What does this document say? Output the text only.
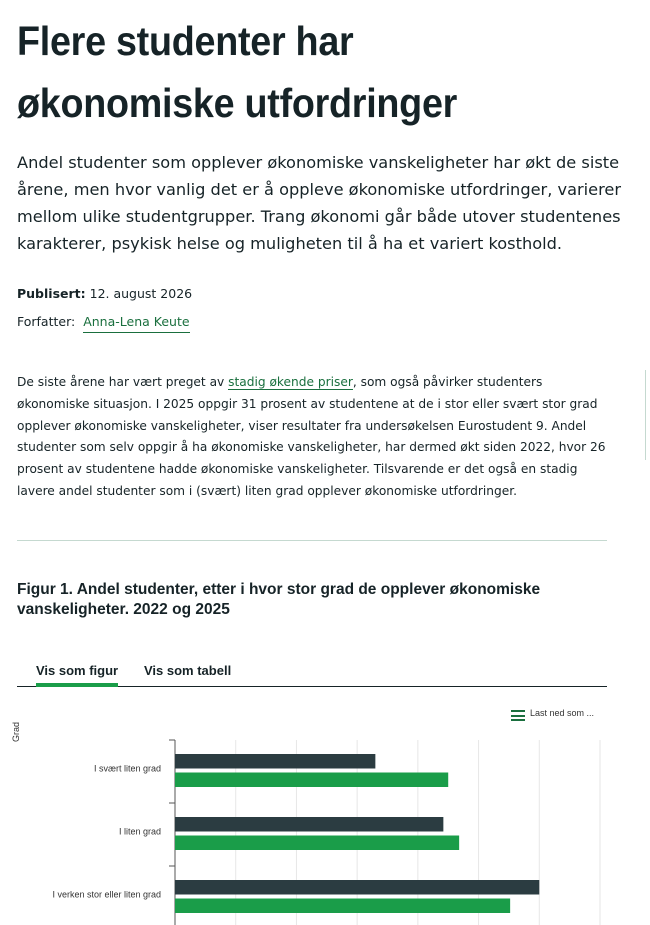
Flere studenter har økonomiske utfordringer

Andel studenter som opplever økonomiske vanskeligheter har økt de siste årene, men hvor vanlig det er å oppleve økonomiske utfordringer, varierer mellom ulike studentgrupper. Trang økonomi går både utover studentenes karakterer, psykisk helse og muligheten til å ha et variert kosthold.

Publisert: 12. august 2026
Forfatter: Anna-Lena Keute

De siste årene har vært preget av stadig økende priser, som også påvirker studenters økonomiske situasjon. I 2025 oppgir 31 prosent av studentene at de i stor eller svært stor grad opplever økonomiske vanskeligheter, viser resultater fra undersøkelsen Eurostudent 9. Andel studenter som selv oppgir å ha økonomiske vanskeligheter, har dermed økt siden 2022, hvor 26 prosent av studentene hadde økonomiske vanskeligheter. Tilsvarende er det også en stadig lavere andel studenter som i (svært) liten grad opplever økonomiske utfordringer.

Figur 1. Andel studenter, etter i hvor stor grad de opplever økonomiske vanskeligheter. 2022 og 2025
Vis som figur Vis som tabell
Last ned som ...
Grad
I svært liten grad
I liten grad
I verken stor eller liten grad
